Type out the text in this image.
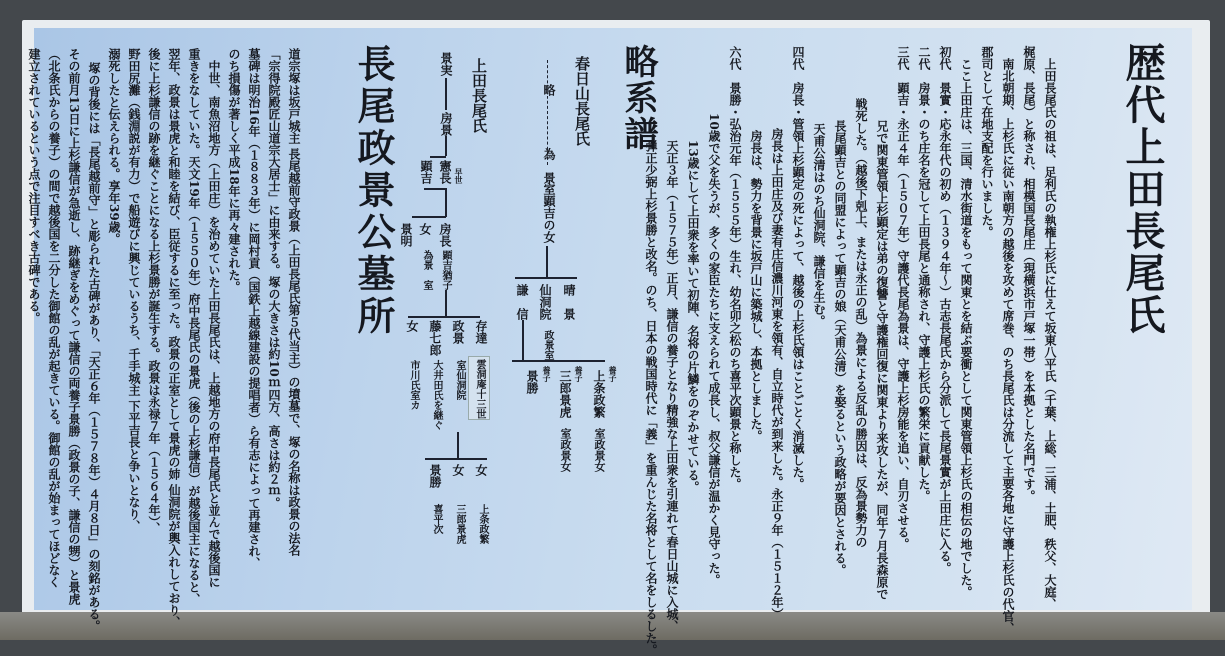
歴代上田長尾氏
上田長尾氏の祖は、足利氏の執権上杉氏に仕えて坂東八平氏（千葉、上総、三浦、土肥、秩父、大庭、
梶原、長尾）と称され、相模国長尾庄（現横浜市戸塚一帯）を本拠とした名門です。
南北朝期、上杉氏に従い南朝方の越後を攻めて席巻、のち長尾氏は分流して主要各地に守護上杉氏の代官、
郡司として在地支配を行いました。
ここ上田庄は、三国、清水街道をもって関東とを結ぶ要衝として関東管領上杉氏の相伝の地でした。
初代　景實・応永年代の初め（１３９４年～）古志長尾氏から分派して長尾景實が上田庄に入る。
二代　房景・のち庄名を冠して上田長尾と通称され、守護上杉氏の繁栄に貢献した。
三代　顕吉・永正４年（１５０７年）守護代長尾為景は、守護上杉房能を追い、自刃させる。
兄で関東管領上杉顕定は弟の復讐と守護権回復に関東より来攻したが、同年７月長森原で
戦死した。（越後下剋上、または永正の乱）為景による反乱の勝因は、反為景勢力の
長尾顕吉との同盟によって顕吉の娘（天甫公清）を娶るという政略が要因とされる。
天甫公清はのち仙洞院、謙信を生む。
四代　房長・管領上杉顕定の死によって、越後の上杉氏領はことごとく消滅した。
房長は上田庄及び妻有庄信濃川河東を領有、自立時代が到来した。永正９年（１５１２年）
房長は、勢力を背景に坂戸山に築城し、本拠としました。
六代　景勝・弘治元年（１５５５年）生れ、幼名卯之松のち喜平次顕景と称した。
10歳で父を失うが、多くの家臣たちに支えられて成長し、叔父謙信が温かく見守った。
13歳にして上田衆を率いて初陣、名将の片鱗をのぞかせている。
天正３年（１５７５年）正月、謙信の養子となり精強な上田衆を引連れて春日山城に入城、
弾正少弼上杉景勝と改名。のち、日本の戦国時代に「義」を重んじた名将として名をしるした。
略系譜
春日山長尾氏
略
為　景
室顕吉の女
晴　景
仙洞院
政景室
謙　信
養子
上条政繁
室政景女
養子
三郎景虎
室政景女
養子
景勝
上田長尾氏
景実
房景
憲長 早世
顕吉
房長
顕吉猶子
女
為景　室
景明
存達
雲洞庵十三世
政景
室仙洞院
藤七郎
大井田氏を継ぐ
女
市川氏室カ
女
上条政繁
女
三郎景虎
景勝
喜平次
長尾政景公墓所
道宗塚は坂戸城主 長尾越前守政景（上田長尾氏第５代当主）の墳墓で、塚の名称は政景の法名
「宗得院殿匠山道宗大居士」に由来する。塚の大きさは約10ｍ四方、高さは約２ｍ。
墓碑は明治16年（１８８３年）に岡村貢（国鉄上越線建設の提唱者）ら有志によって再建され、
のち損傷が著しく平成18年に再々建された。
中世、南魚沼地方（上田庄）を治めていた上田長尾氏は、上越地方の府中長尾氏と並んで越後国に
重きをなしていた。天文19年（１５５０年）府中長尾氏の景虎（後の上杉謙信）が越後国主になると、
翌年、政景は景虎と和睦を結び、臣従するに至った。政景の正室として景虎の姉 仙洞院が輿入れしており、
後に上杉謙信の跡を継ぐことになる上杉景勝が誕生する。政景は永禄７年（１５６４年）、
野田尻灘（銭淵説が有力）で船遊びに興じているうち、千手城主 下平吉長と争いとなり、
溺死したと伝えられる。享年39歳。
塚の背後には「長尾越前守」と彫られた古碑があり、「天正６年（１５７８年）４月８日」の刻銘がある。
その前月13日に上杉謙信が急逝し、跡継ぎをめぐって謙信の両養子景勝（政景の子、謙信の甥）と景虎
（北条氏からの養子）の間で越後国を二分した御館の乱が起きている。御館の乱が始まってほどなく
建立されているという点で注目すべき古碑である。
